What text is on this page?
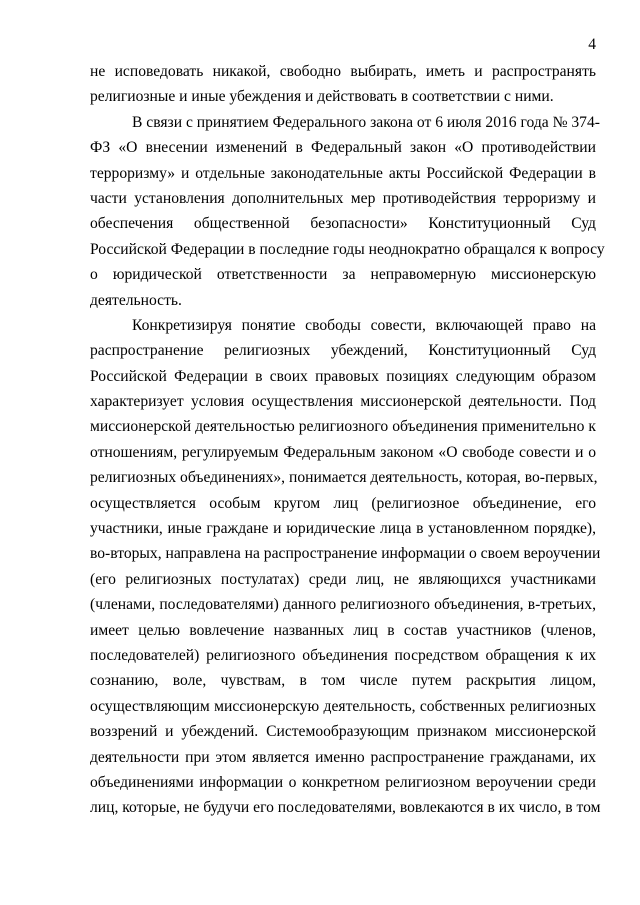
4
не исповедовать никакой, свободно выбирать, иметь и распространять
религиозные и иные убеждения и действовать в соответствии с ними.
В связи с принятием Федерального закона от 6 июля 2016 года № 374-
ФЗ «О внесении изменений в Федеральный закон «О противодействии
терроризму» и отдельные законодательные акты Российской Федерации в
части установления дополнительных мер противодействия терроризму и
обеспечения общественной безопасности» Конституционный Суд
Российской Федерации в последние годы неоднократно обращался к вопросу
о юридической ответственности за неправомерную миссионерскую
деятельность.
Конкретизируя понятие свободы совести, включающей право на
распространение религиозных убеждений, Конституционный Суд
Российской Федерации в своих правовых позициях следующим образом
характеризует условия осуществления миссионерской деятельности. Под
миссионерской деятельностью религиозного объединения применительно к
отношениям, регулируемым Федеральным законом «О свободе совести и о
религиозных объединениях», понимается деятельность, которая, во-первых,
осуществляется особым кругом лиц (религиозное объединение, его
участники, иные граждане и юридические лица в установленном порядке),
во-вторых, направлена на распространение информации о своем вероучении
(его религиозных постулатах) среди лиц, не являющихся участниками
(членами, последователями) данного религиозного объединения, в-третьих,
имеет целью вовлечение названных лиц в состав участников (членов,
последователей) религиозного объединения посредством обращения к их
сознанию, воле, чувствам, в том числе путем раскрытия лицом,
осуществляющим миссионерскую деятельность, собственных религиозных
воззрений и убеждений. Системообразующим признаком миссионерской
деятельности при этом является именно распространение гражданами, их
объединениями информации о конкретном религиозном вероучении среди
лиц, которые, не будучи его последователями, вовлекаются в их число, в том
